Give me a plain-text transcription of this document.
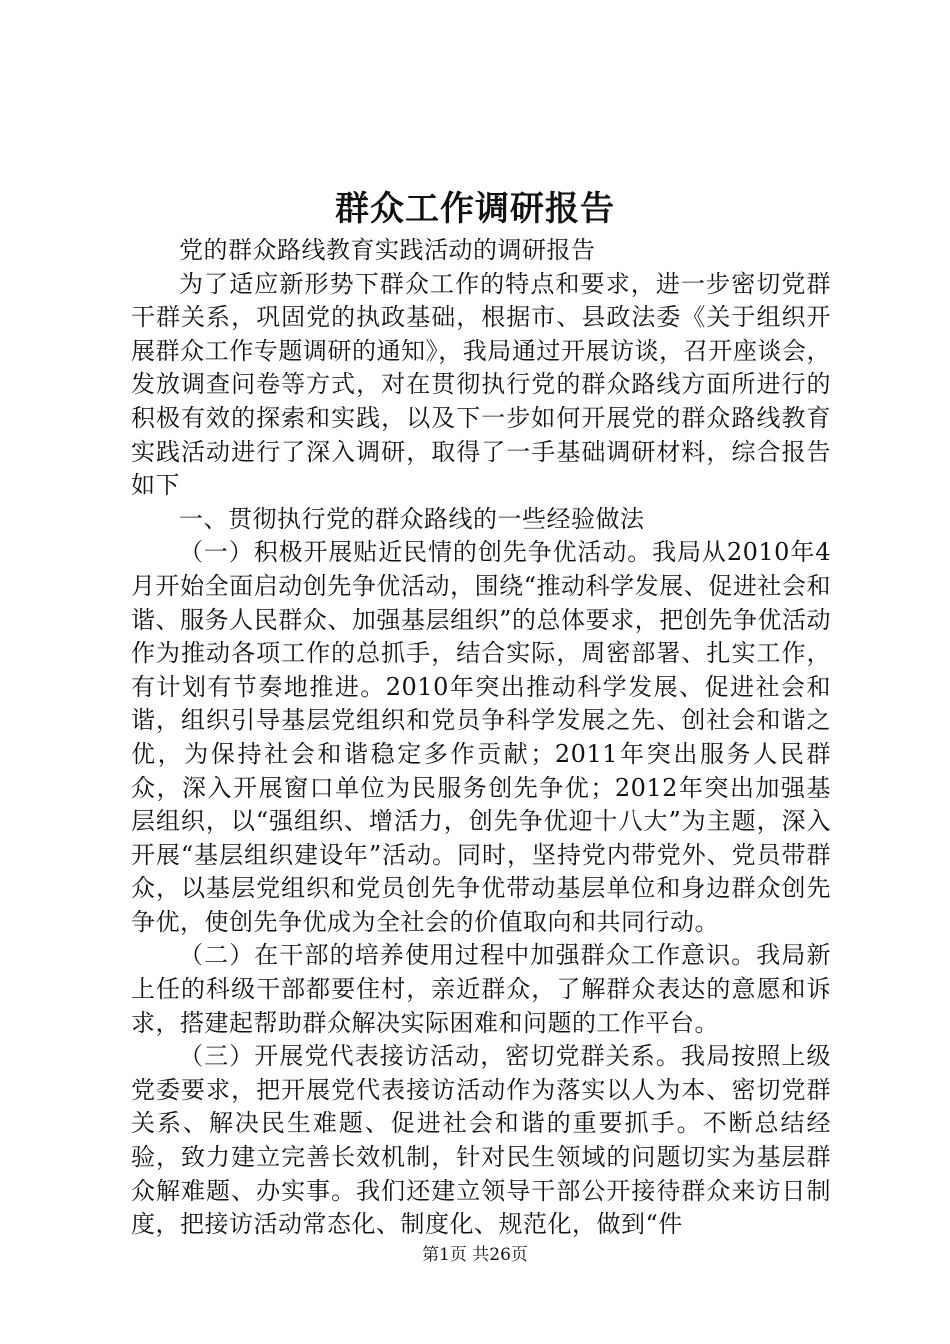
群众工作调研报告

党的群众路线教育实践活动的调研报告

为了适应新形势下群众工作的特点和要求，进一步密切党群干群关系，巩固党的执政基础，根据市、县政法委《关于组织开展群众工作专题调研的通知》，我局通过开展访谈，召开座谈会，发放调查问卷等方式，对在贯彻执行党的群众路线方面所进行的积极有效的探索和实践，以及下一步如何开展党的群众路线教育实践活动进行了深入调研，取得了一手基础调研材料，综合报告如下

一、贯彻执行党的群众路线的一些经验做法

（一）积极开展贴近民情的创先争优活动。我局从2010年4月开始全面启动创先争优活动，围绕“推动科学发展、促进社会和谐、服务人民群众、加强基层组织”的总体要求，把创先争优活动作为推动各项工作的总抓手，结合实际，周密部署、扎实工作，有计划有节奏地推进。2010年突出推动科学发展、促进社会和谐，组织引导基层党组织和党员争科学发展之先、创社会和谐之优，为保持社会和谐稳定多作贡献；2011年突出服务人民群众，深入开展窗口单位为民服务创先争优；2012年突出加强基层组织，以“强组织、增活力，创先争优迎十八大”为主题，深入开展“基层组织建设年”活动。同时，坚持党内带党外、党员带群众，以基层党组织和党员创先争优带动基层单位和身边群众创先争优，使创先争优成为全社会的价值取向和共同行动。

（二）在干部的培养使用过程中加强群众工作意识。我局新上任的科级干部都要住村，亲近群众，了解群众表达的意愿和诉求，搭建起帮助群众解决实际困难和问题的工作平台。

（三）开展党代表接访活动，密切党群关系。我局按照上级党委要求，把开展党代表接访活动作为落实以人为本、密切党群关系、解决民生难题、促进社会和谐的重要抓手。不断总结经验，致力建立完善长效机制，针对民生领域的问题切实为基层群众解难题、办实事。我们还建立领导干部公开接待群众来访日制度，把接访活动常态化、制度化、规范化，做到“件

第1页 共26页
